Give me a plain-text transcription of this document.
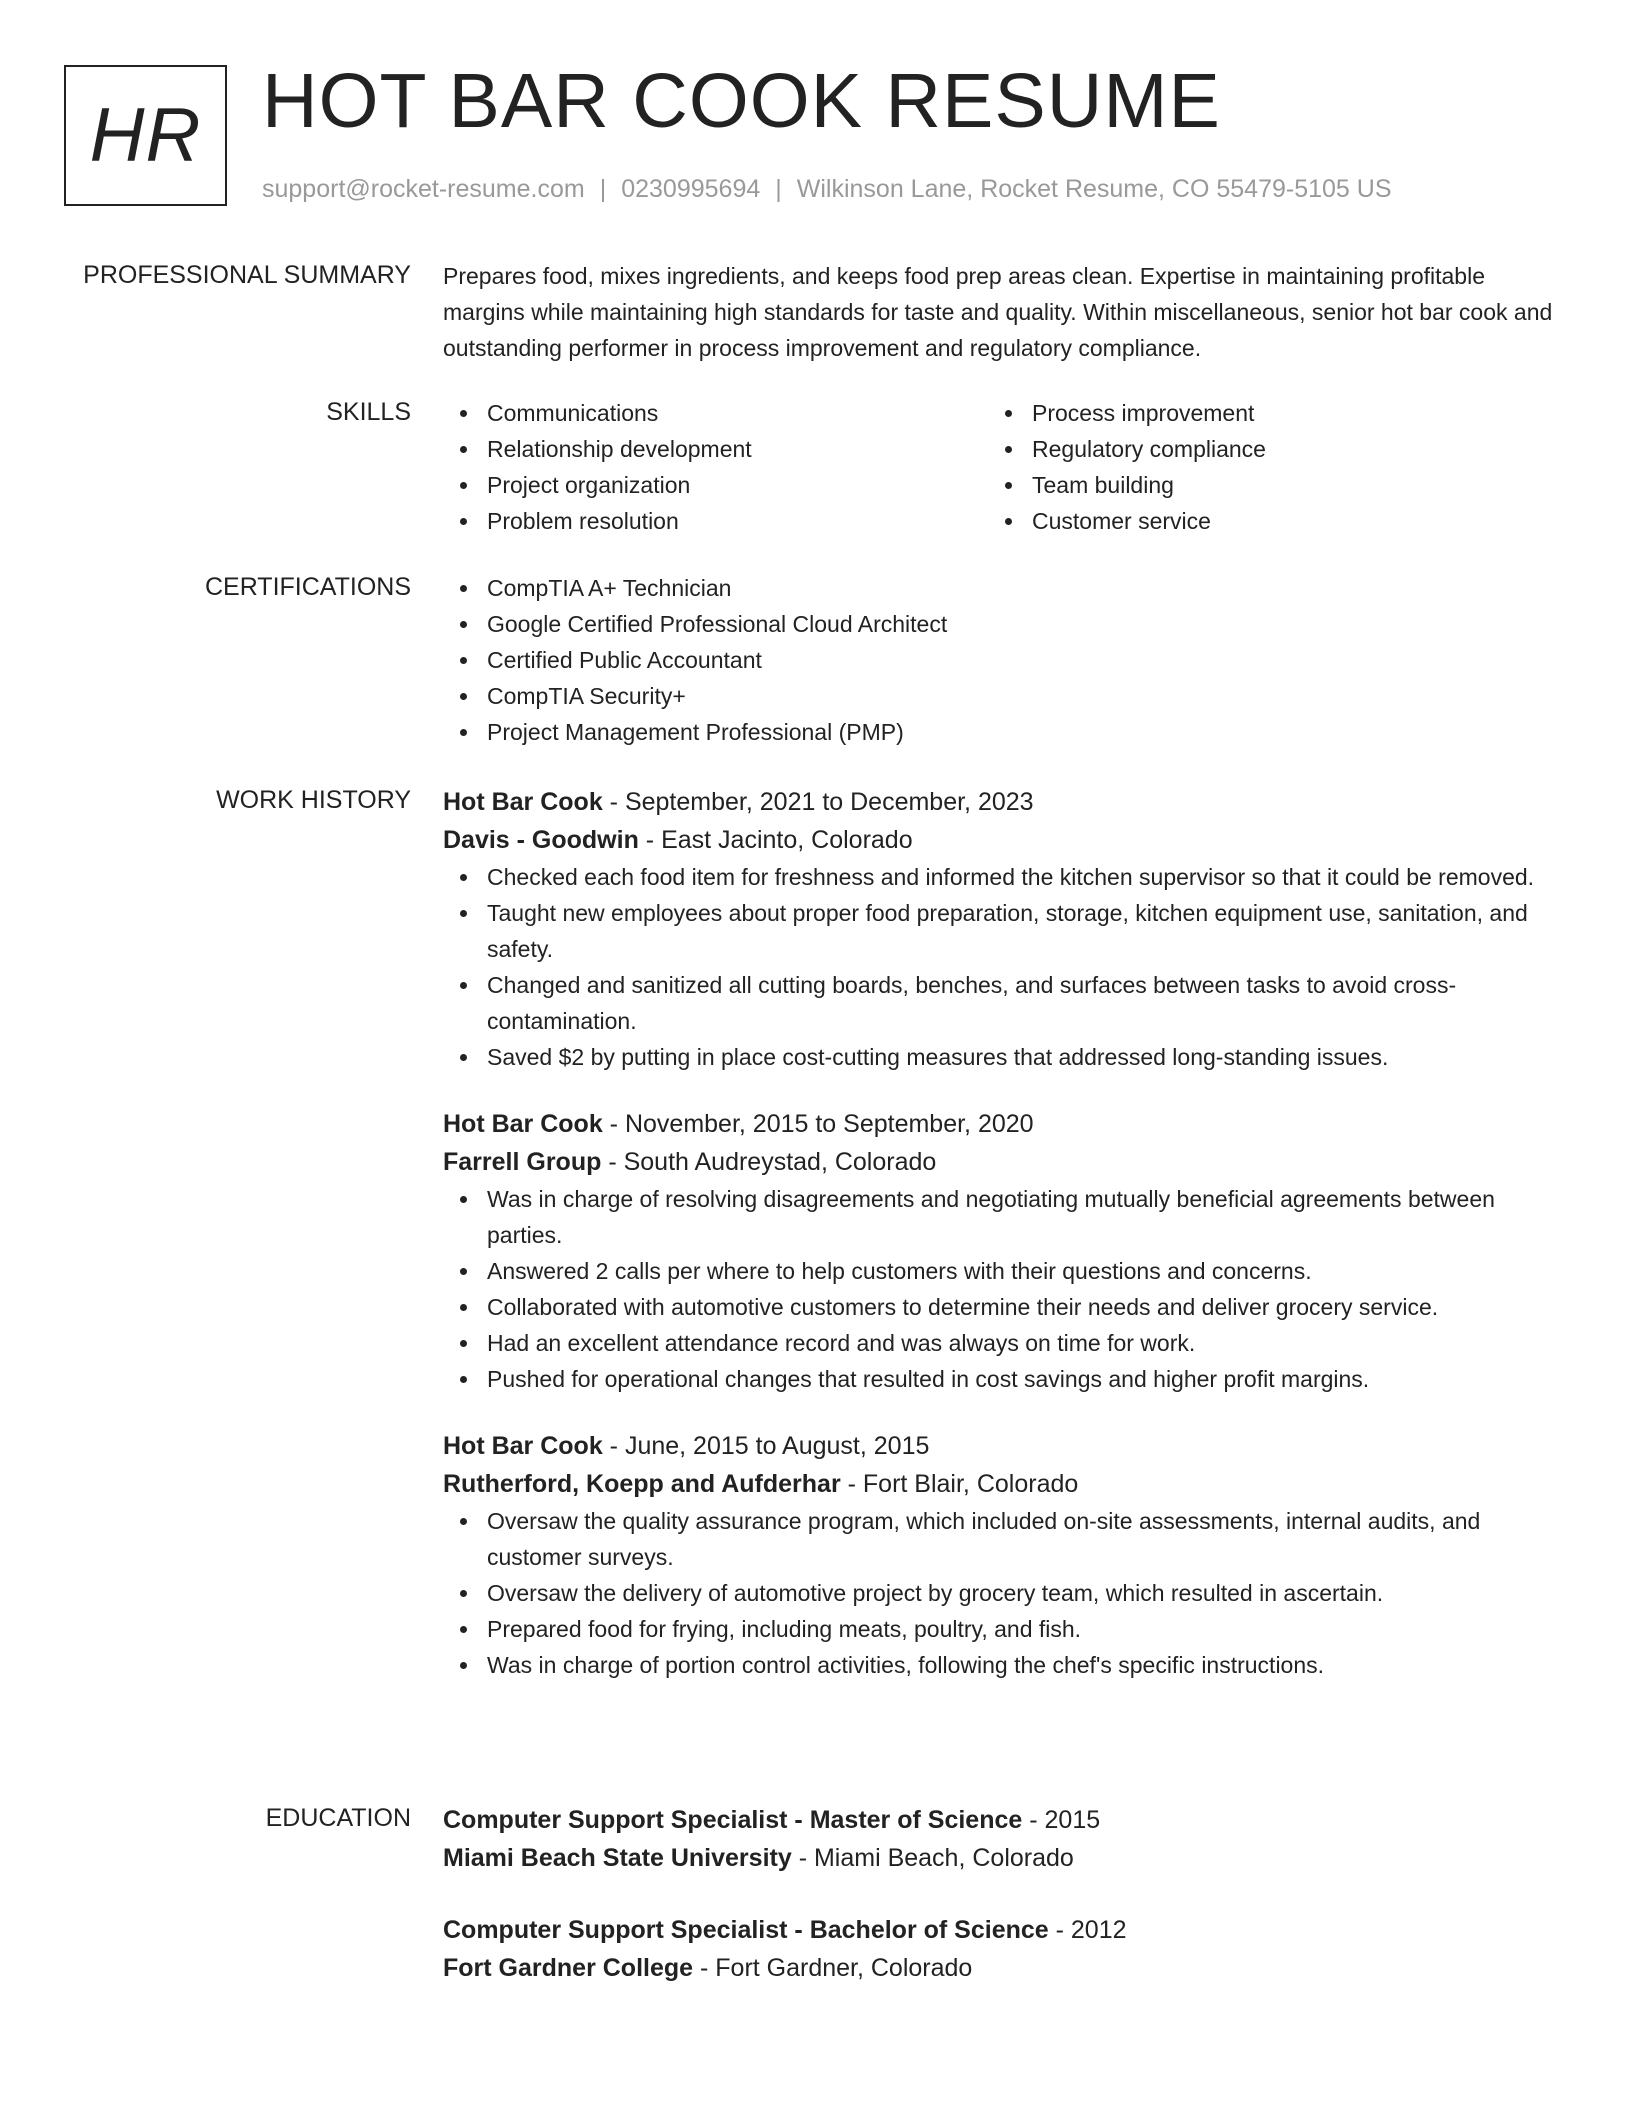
HR HOT BAR COOK RESUME
support@rocket-resume.com | 0230995694 | Wilkinson Lane, Rocket Resume, CO 55479-5105 US
PROFESSIONAL SUMMARY Prepares food, mixes ingredients, and keeps food prep areas clean. Expertise in maintaining profitable margins while maintaining high standards for taste and quality. Within miscellaneous, senior hot bar cook and outstanding performer in process improvement and regulatory compliance.

SKILLS	Communications
Relationship development
Project organization
Problem resolution
Process improvement
Regulatory compliance
Team building
Customer service
CERTIFICATIONS	CompTIA A+ Technician
Google Certified Professional Cloud Architect
Certified Public Accountant
CompTIA Security+
Project Management Professional (PMP)
WORK HISTORY Hot Bar Cook - September, 2021 to December, 2023
Davis - Goodwin - East Jacinto, Colorado
Checked each food item for freshness and informed the kitchen supervisor so that it could be removed.
Taught new employees about proper food preparation, storage, kitchen equipment use, sanitation, and safety.
Changed and sanitized all cutting boards, benches, and surfaces between tasks to avoid cross-contamination.
Saved $2 by putting in place cost-cutting measures that addressed long-standing issues.
Hot Bar Cook - November, 2015 to September, 2020
Farrell Group - South Audreystad, Colorado
Was in charge of resolving disagreements and negotiating mutually beneficial agreements between parties.
Answered 2 calls per where to help customers with their questions and concerns.
Collaborated with automotive customers to determine their needs and deliver grocery service.
Had an excellent attendance record and was always on time for work.
Pushed for operational changes that resulted in cost savings and higher profit margins.
Hot Bar Cook - June, 2015 to August, 2015
Rutherford, Koepp and Aufderhar - Fort Blair, Colorado
Oversaw the quality assurance program, which included on-site assessments, internal audits, and customer surveys.
Oversaw the delivery of automotive project by grocery team, which resulted in ascertain.
Prepared food for frying, including meats, poultry, and fish.
Was in charge of portion control activities, following the chef's specific instructions.
EDUCATION Computer Support Specialist - Master of Science - 2015
Miami Beach State University - Miami Beach, Colorado
Computer Support Specialist - Bachelor of Science - 2012
Fort Gardner College - Fort Gardner, Colorado
